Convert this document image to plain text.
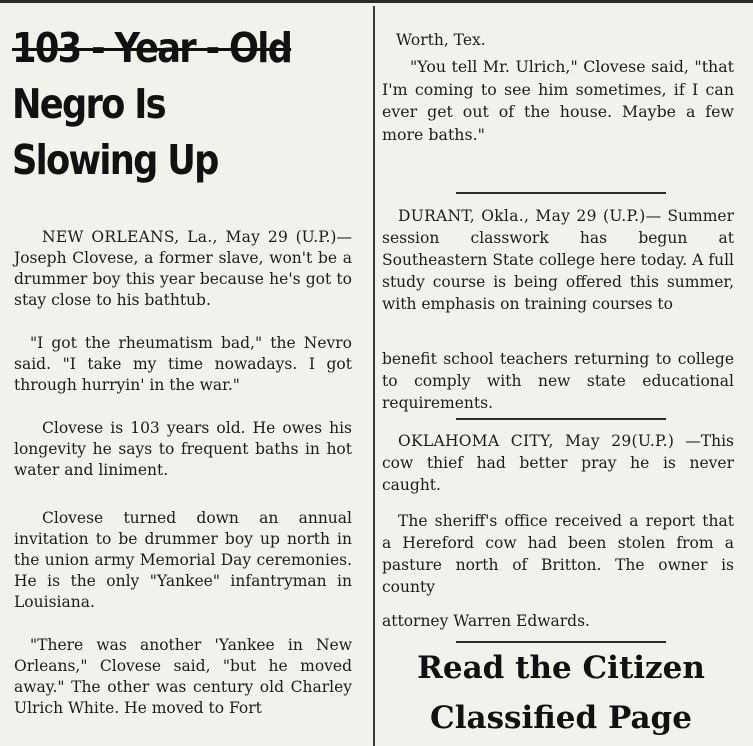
103 - Year - Old
Negro Is
Slowing Up

NEW ORLEANS, La., May 29 (U.P.)—Joseph Clovese, a former slave, won't be a drummer boy this year because he's got to stay close to his bathtub.

"I got the rheumatism bad," the Nevro said. "I take my time nowadays. I got through hurryin' in the war."

Clovese is 103 years old. He owes his longevity he says to frequent baths in hot water and liniment.

Clovese turned down an annual invitation to be drummer boy up north in the union army Memorial Day ceremonies. He is the only "Yankee" infantryman in Louisiana.

"There was another 'Yankee in New Orleans," Clovese said, "but he moved away." The other was century old Charley Ulrich White. He moved to Fort

Worth, Tex.

"You tell Mr. Ulrich," Clovese said, "that I'm coming to see him sometimes, if I can ever get out of the house. Maybe a few more baths."

DURANT, Okla., May 29 (U.P.)— Summer session classwork has begun at Southeastern State college here today. A full study course is being offered this summer, with emphasis on training courses to

benefit school teachers returning to college to comply with new state educational requirements.

OKLAHOMA CITY, May 29(U.P.) —This cow thief had better pray he is never caught.

The sheriff's office received a report that a Hereford cow had been stolen from a pasture north of Britton. The owner is county

attorney Warren Edwards.

Read the Citizen
Classified Page
